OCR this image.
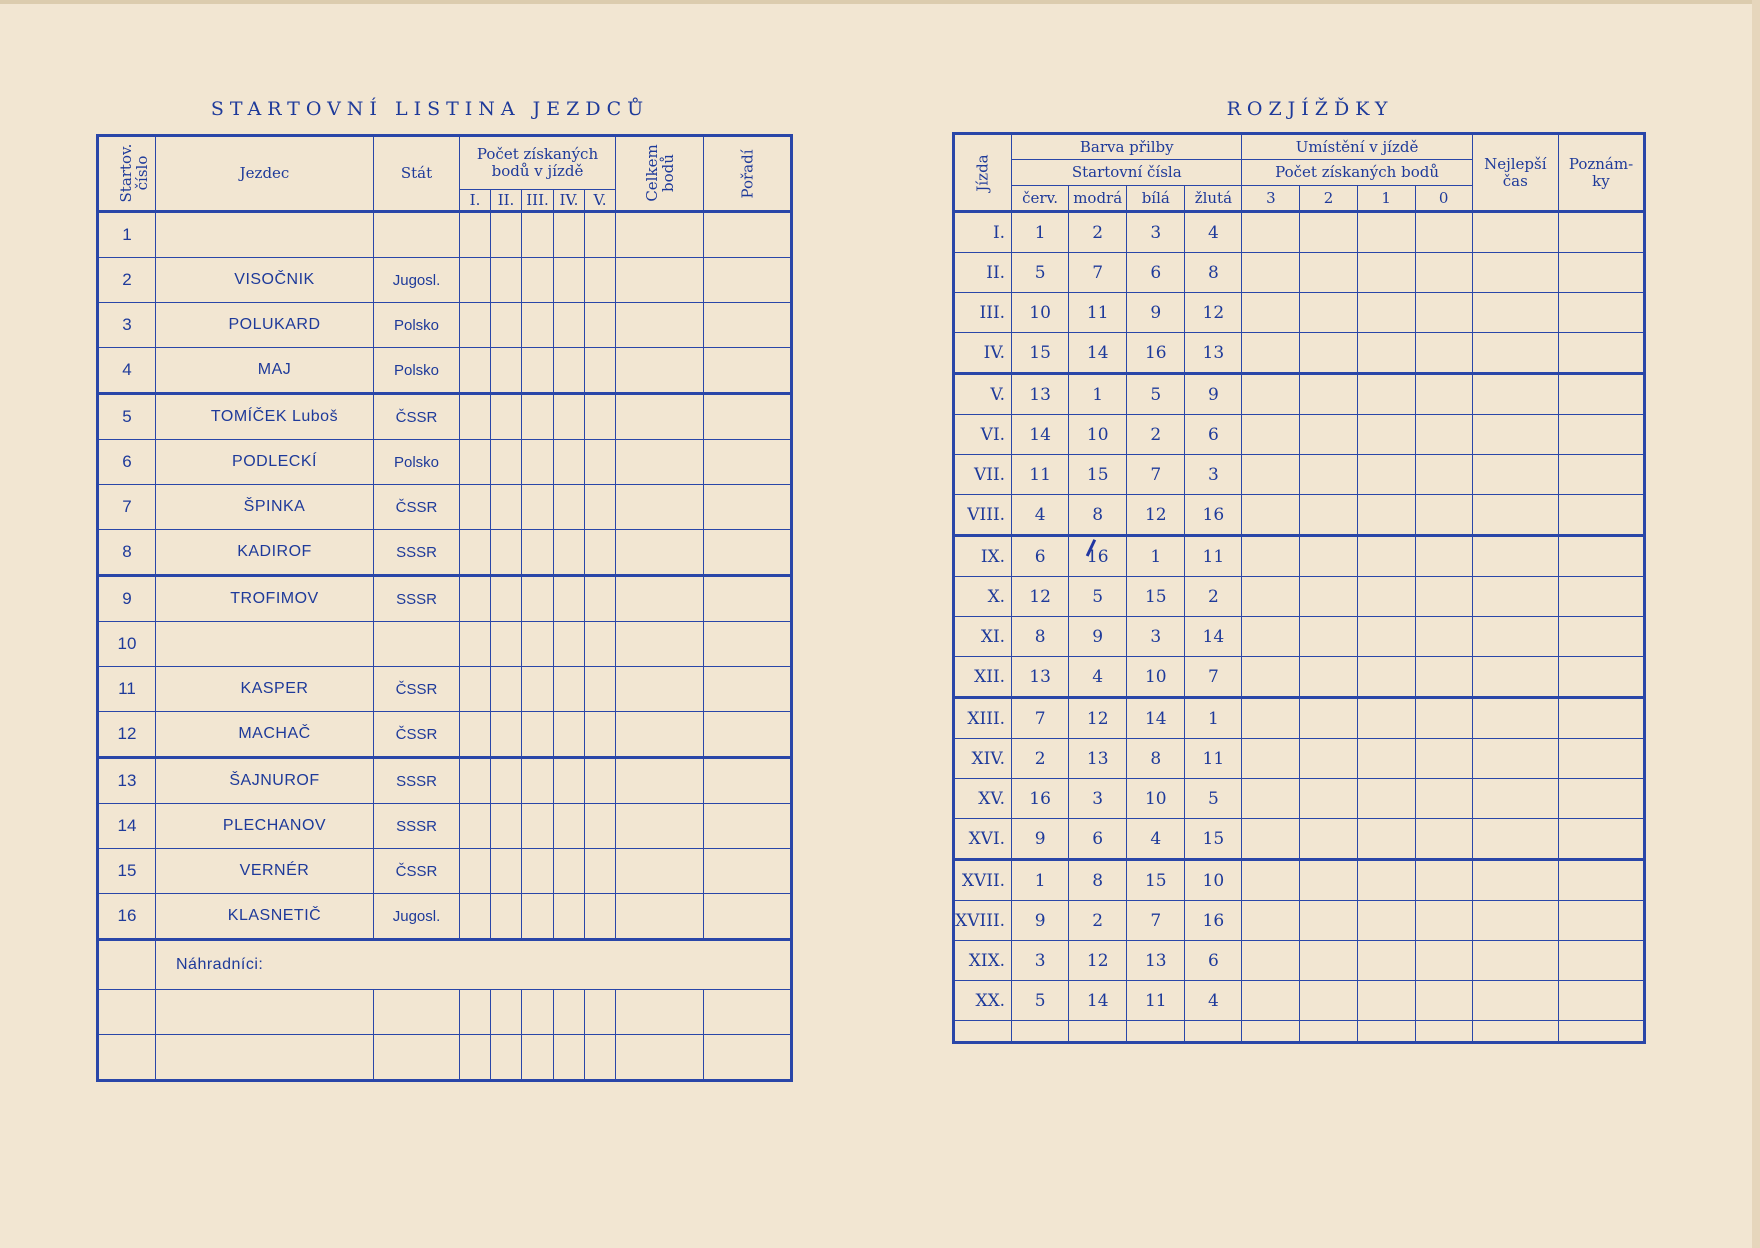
STARTOVNÍ LISTINA JEZDCŮ
Startov. číslo	Jezdec	Stát	Počet získaných bodů v jízdě					Celkem bodů	Pořadí
			I.	II.	III.	IV.	V.		
1									
2	VISOČNIK	Jugosl.							
3	POLUKARD	Polsko							
4	MAJ	Polsko							
5	TOMÍČEK Luboš	ČSSR							
6	PODLECKÍ	Polsko							
7	ŠPINKA	ČSSR							
8	KADIROF	SSSR							
9	TROFIMOV	SSSR							
10									
11	KASPER	ČSSR							
12	MACHAČ	ČSSR							
13	ŠAJNUROF	SSSR							
14	PLECHANOV	SSSR							
15	VERNÉR	ČSSR							
16	KLASNETIČ	Jugosl.							
	Náhradníci:								

ROZJÍŽĎKY
Jízda	Barva přilby				Umístění v jízdě				Nejlepší čas	Poznám-ky
	Startovní čísla				Počet získaných bodů					
	červ.	modrá	bílá	žlutá	3	2	1	0		
I.	1	2	3	4						
II.	5	7	6	8						
III.	10	11	9	12						
IV.	15	14	16	13						
V.	13	1	5	9						
VI.	14	10	2	6						
VII.	11	15	7	3						
VIII.	4	8	12	16						
IX.	6	16	1	11						
X.	12	5	15	2						
XI.	8	9	3	14						
XII.	13	4	10	7						
XIII.	7	12	14	1						
XIV.	2	13	8	11						
XV.	16	3	10	5						
XVI.	9	6	4	15						
XVII.	1	8	15	10						
XVIII.	9	2	7	16						
XIX.	3	12	13	6						
XX.	5	14	11	4						
